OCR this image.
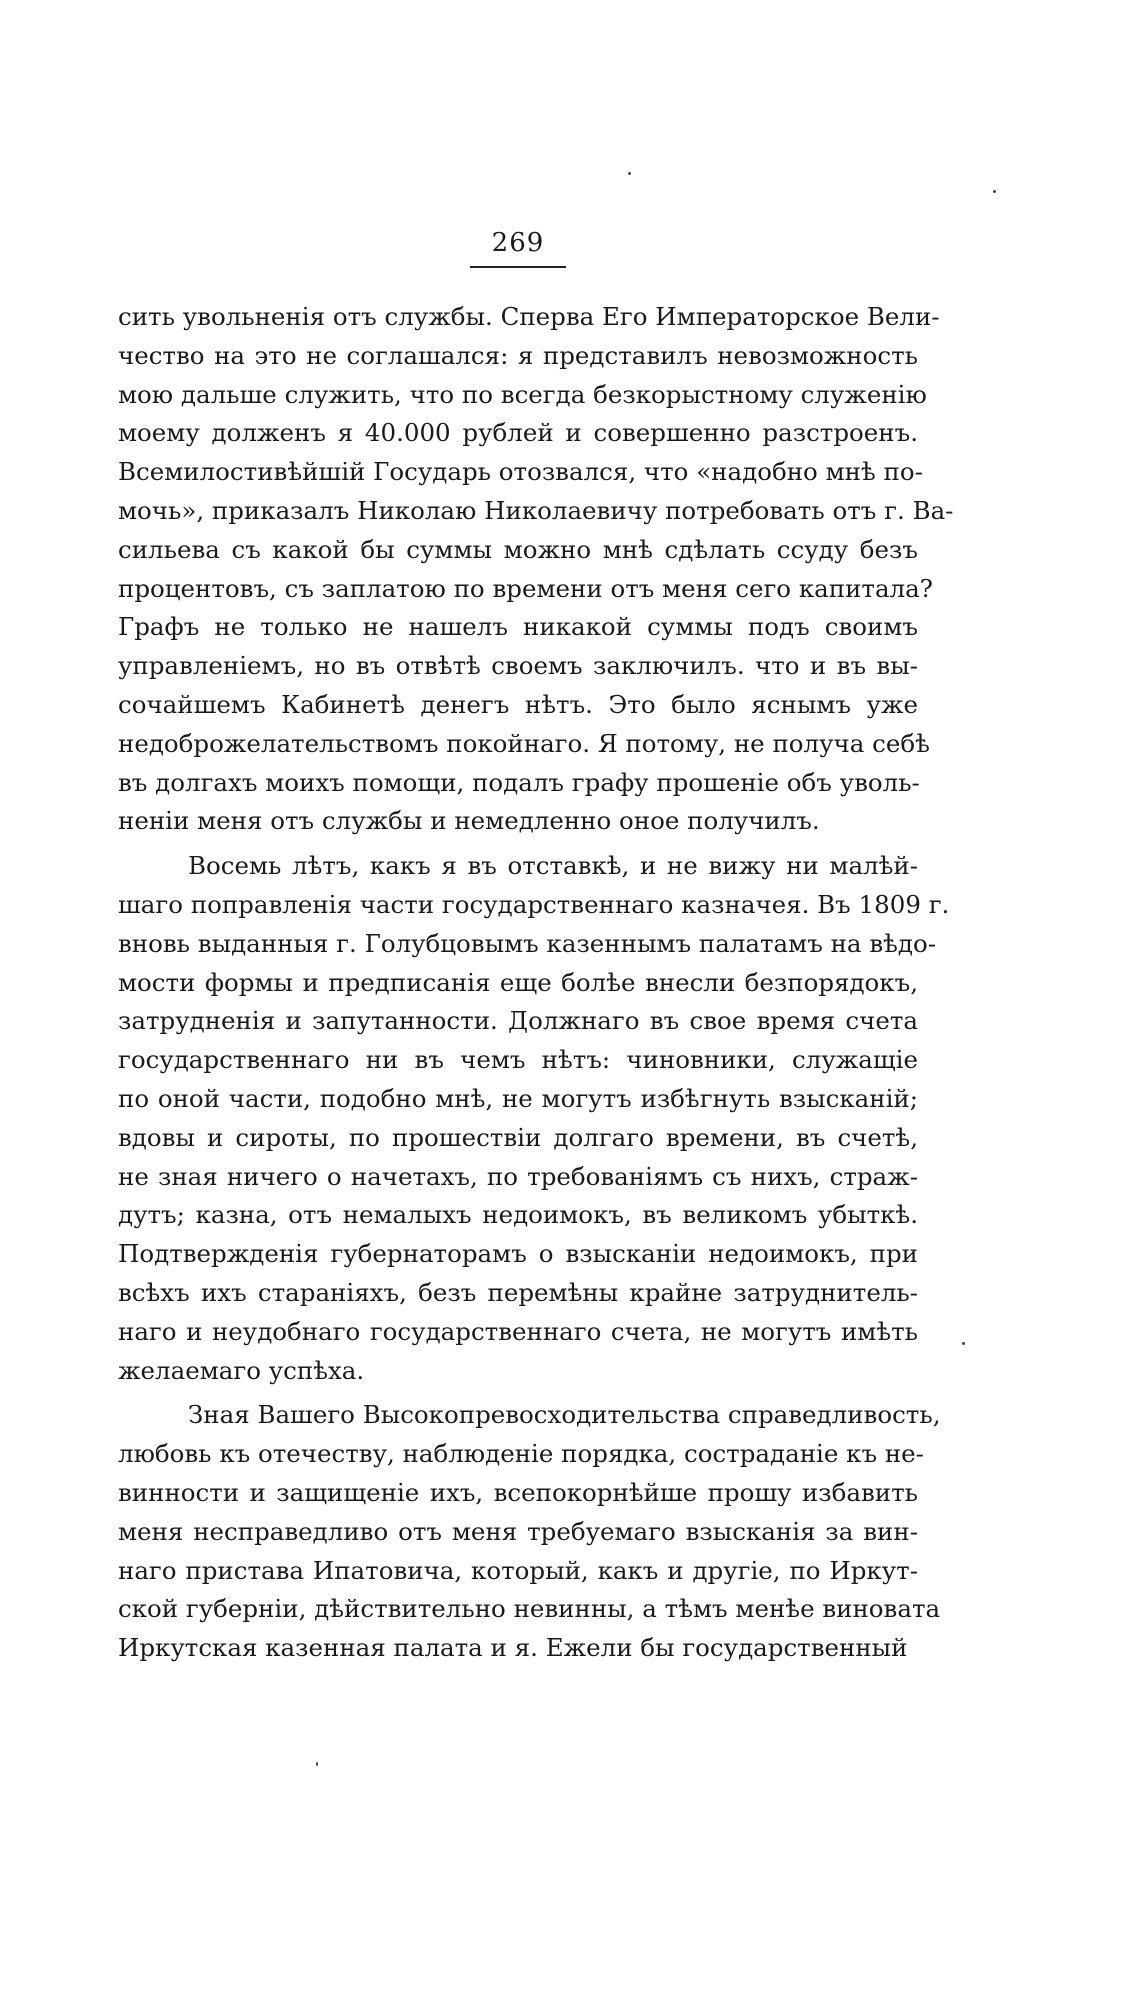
269
сить увольненія отъ службы. Сперва Его Императорское Вели-
чество на это не соглашался: я представилъ невозможность
мою дальше служить, что по всегда безкорыстному служенію
моему долженъ я 40.000 рублей и совершенно разстроенъ.
Всемилостивѣйшій Государь отозвался, что «надобно мнѣ по-
мочь», приказалъ Николаю Николаевичу потребовать отъ г. Ва-
сильева съ какой бы суммы можно мнѣ сдѣлать ссуду безъ
процентовъ, съ заплатою по времени отъ меня сего капитала?
Графъ не только не нашелъ никакой суммы подъ своимъ
управленіемъ, но въ отвѣтѣ своемъ заключилъ. что и въ вы-
сочайшемъ Кабинетѣ денегъ нѣтъ. Это было яснымъ уже
недоброжелательствомъ покойнаго. Я потому, не получа себѣ
въ долгахъ моихъ помощи, подалъ графу прошеніе объ уволь-
неніи меня отъ службы и немедленно оное получилъ.
Восемь лѣтъ, какъ я въ отставкѣ, и не вижу ни малѣй-
шаго поправленія части государственнаго казначея. Въ 1809 г.
вновь выданныя г. Голубцовымъ казеннымъ палатамъ на вѣдо-
мости формы и предписанія еще болѣе внесли безпорядокъ,
затрудненія и запутанности. Должнаго въ свое время счета
государственнаго ни въ чемъ нѣтъ: чиновники, служащіе
по оной части, подобно мнѣ, не могутъ избѣгнуть взысканій;
вдовы и сироты, по прошествіи долгаго времени, въ счетѣ,
не зная ничего о начетахъ, по требованіямъ съ нихъ, страж-
дутъ; казна, отъ немалыхъ недоимокъ, въ великомъ убыткѣ.
Подтвержденія губернаторамъ о взысканіи недоимокъ, при
всѣхъ ихъ стараніяхъ, безъ перемѣны крайне затруднитель-
наго и неудобнаго государственнаго счета, не могутъ имѣть
желаемаго успѣха.
Зная Вашего Высокопревосходительства справедливость,
любовь къ отечеству, наблюденіе порядка, состраданіе къ не-
винности и защищеніе ихъ, всепокорнѣйше прошу избавить
меня несправедливо отъ меня требуемаго взысканія за вин-
наго пристава Ипатовича, который, какъ и другіе, по Иркут-
ской губерніи, дѣйствительно невинны, а тѣмъ менѣе виновата
Иркутская казенная палата и я. Ежели бы государственный
